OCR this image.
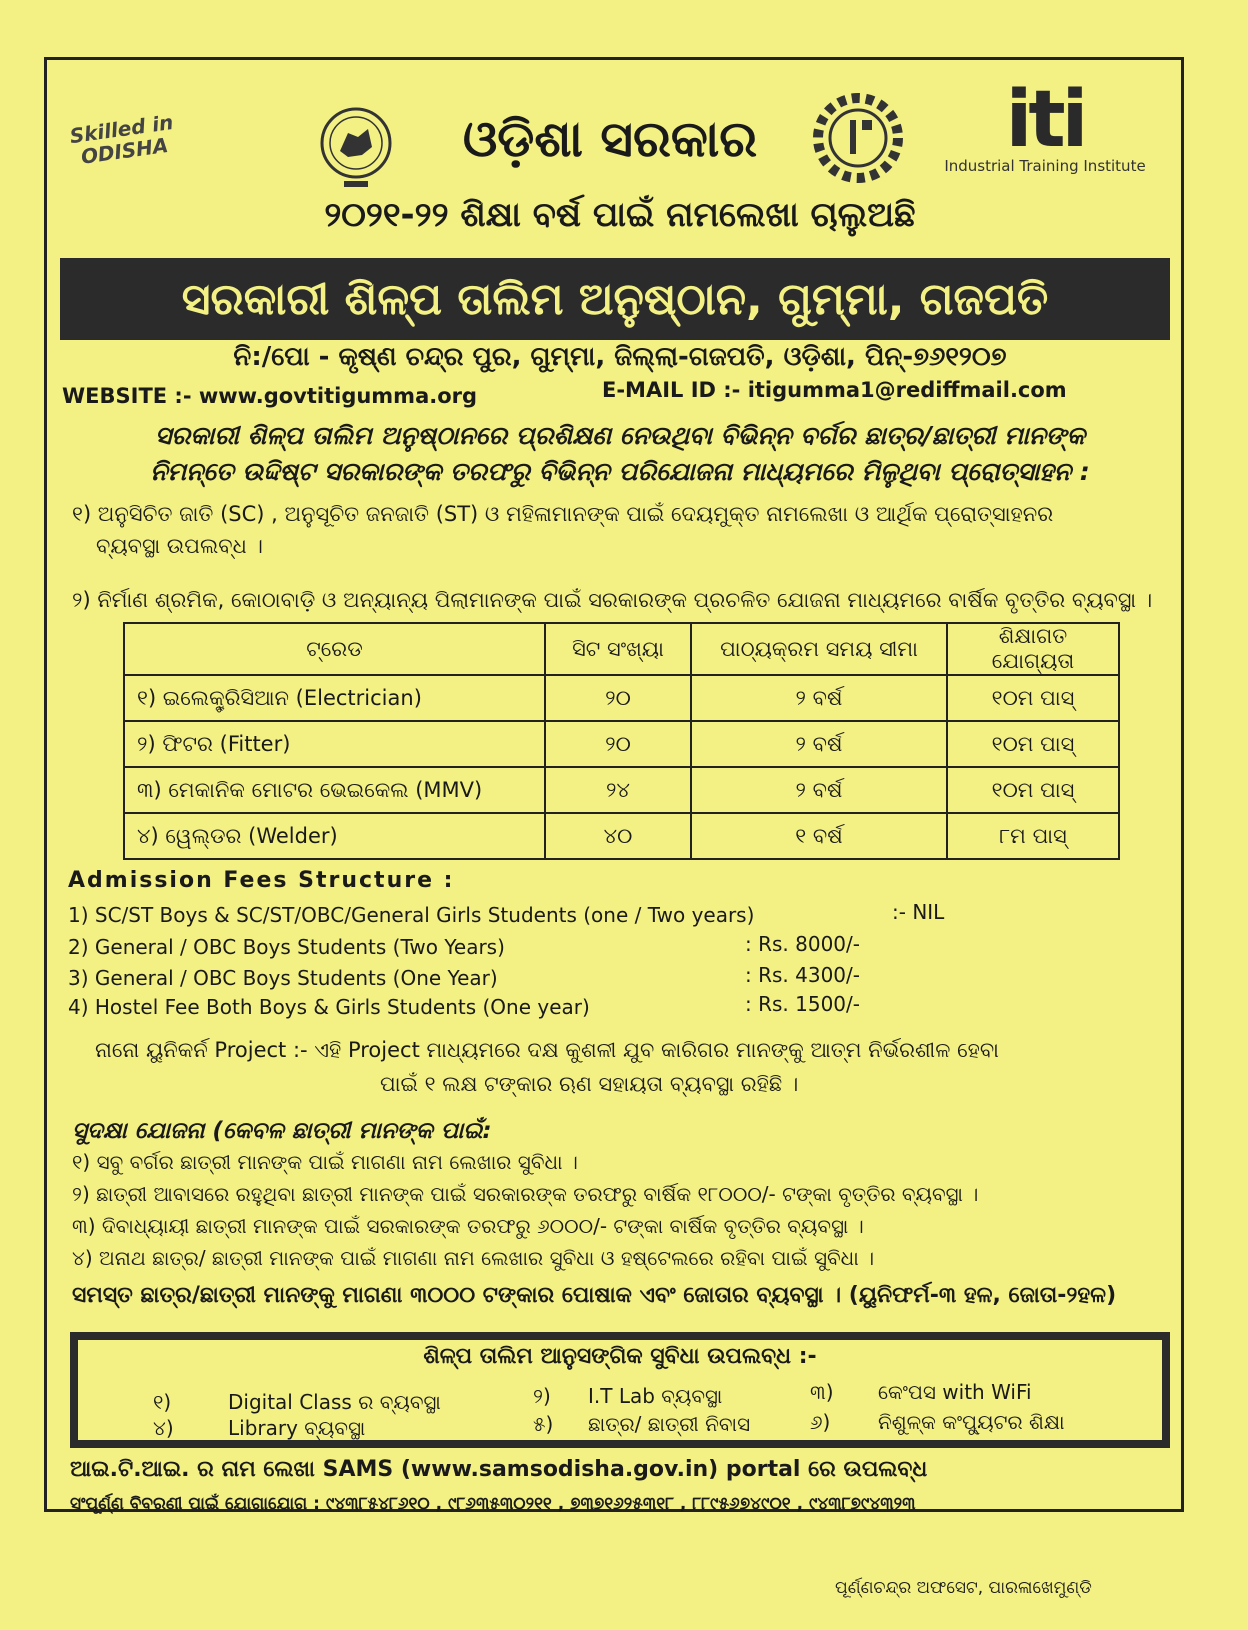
Skilled in ODISHA	ଓଡ଼ିଶା ସରକାର	iti
Industrial Training Institute
୨୦୨୧-୨୨ ଶିକ୍ଷା ବର୍ଷ ପାଇଁ ନାମଲେଖା ଚାଲୁଅଛି
ସରକାରୀ ଶିଳ୍ପ ତାଲିମ ଅନୁଷ୍ଠାନ, ଗୁମ୍ମା, ଗଜପତି
ନି:/ପୋ - କୃଷ୍ଣ ଚନ୍ଦ୍ର ପୁର, ଗୁମ୍ମା, ଜିଲ୍ଲା-ଗଜପତି, ଓଡ଼ିଶା, ପିନ୍-୭୬୧୨୦୭
WEBSITE :- www.govtitigumma.org	E-MAIL ID :- itigumma1@rediffmail.com
ସରକାରୀ ଶିଳ୍ପ ତାଲିମ ଅନୁଷ୍ଠାନରେ ପ୍ରଶିକ୍ଷଣ ନେଉଥିବା ବିଭିନ୍ନ ବର୍ଗର ଛାତ୍ର/ଛାତ୍ରୀ ମାନଙ୍କ
ନିମନ୍ତେ ଉଦ୍ଦିଷ୍ଟ ସରକାରଙ୍କ ତରଫରୁ ବିଭିନ୍ନ ପରିଯୋଜନା ମାଧ୍ୟମରେ ମିଳୁଥିବା ପ୍ରୋତ୍ସାହନ :
୧) ଅନୁସିଚିତ ଜାତି (SC) , ଅନୁସୂଚିତ ଜନଜାତି (ST) ଓ ମହିଳାମାନଙ୍କ ପାଇଁ ଦେୟମୁକ୍ତ ନାମଲେଖା ଓ ଆର୍ଥିକ ପ୍ରୋତ୍ସାହନର
ବ୍ୟବସ୍ଥା ଉପଲବ୍ଧ ।
୨) ନିର୍ମାଣ ଶ୍ରମିକ, କୋଠାବାଡ଼ି ଓ ଅନ୍ୟାନ୍ୟ ପିଲାମାନଙ୍କ ପାଇଁ ସରକାରଙ୍କ ପ୍ରଚଳିତ ଯୋଜନା ମାଧ୍ୟମରେ ବାର୍ଷିକ ବୃତ୍ତିର ବ୍ୟବସ୍ଥା ।
ଟ୍ରେଡ	ସିଟ ସଂଖ୍ୟା	ପାଠ୍ୟକ୍ରମ ସମୟ ସୀମା	ଶିକ୍ଷାଗତ ଯୋଗ୍ୟତା
୧) ଇଲେକ୍ଟ୍ରିସିଆନ (Electrician)	୨୦	୨ ବର୍ଷ	୧୦ମ ପାସ୍
୨) ଫିଟର (Fitter)	୨୦	୨ ବର୍ଷ	୧୦ମ ପାସ୍
୩) ମେକାନିକ ମୋଟର ଭେଇକେଲ (MMV)	୨୪	୨ ବର୍ଷ	୧୦ମ ପାସ୍
୪) ୱେଲ୍ଡର (Welder)	୪୦	୧ ବର୍ଷ	୮ମ ପାସ୍
Admission Fees Structure :
1) SC/ST Boys & SC/ST/OBC/General Girls Students (one / Two years)	:- NIL
2) General / OBC Boys Students (Two Years)	: Rs. 8000/-
3) General / OBC Boys Students (One Year)	: Rs. 4300/-
4) Hostel Fee Both Boys & Girls Students (One year)	: Rs. 1500/-
ନାନୋ ୟୁନିକର୍ନ Project :- ଏହି Project ମାଧ୍ୟମରେ ଦକ୍ଷ କୁଶଳୀ ଯୁବ କାରିଗର ମାନଙ୍କୁ ଆତ୍ମ ନିର୍ଭରଶୀଳ ହେବା
ପାଇଁ ୧ ଲକ୍ଷ ଟଙ୍କାର ଋଣ ସହାୟତା ବ୍ୟବସ୍ଥା ରହିଛି ।
ସୁଦକ୍ଷା ଯୋଜନା (କେବଳ ଛାତ୍ରୀ ମାନଙ୍କ ପାଇଁ:
୧) ସବୁ ବର୍ଗର ଛାତ୍ରୀ ମାନଙ୍କ ପାଇଁ ମାଗଣା ନାମ ଲେଖାର ସୁବିଧା ।
୨) ଛାତ୍ରୀ ଆବାସରେ ରହୁଥିବା ଛାତ୍ରୀ ମାନଙ୍କ ପାଇଁ ସରକାରଙ୍କ ତରଫରୁ ବାର୍ଷିକ ୧୮୦୦୦/- ଟଙ୍କା ବୃତ୍ତିର ବ୍ୟବସ୍ଥା ।
୩) ଦିବାଧ୍ୟାୟୀ ଛାତ୍ରୀ ମାନଙ୍କ ପାଇଁ ସରକାରଙ୍କ ତରଫରୁ ୬୦୦୦/- ଟଙ୍କା ବାର୍ଷିକ ବୃତ୍ତିର ବ୍ୟବସ୍ଥା ।
୪) ଅନାଥ ଛାତ୍ର/ ଛାତ୍ରୀ ମାନଙ୍କ ପାଇଁ ମାଗଣା ନାମ ଲେଖାର ସୁବିଧା ଓ ହଷ୍ଟେଲରେ ରହିବା ପାଇଁ ସୁବିଧା ।
ସମସ୍ତ ଛାତ୍ର/ଛାତ୍ରୀ ମାନଙ୍କୁ ମାଗଣା ୩୦୦୦ ଟଙ୍କାର ପୋଷାକ ଏବଂ ଜୋତାର ବ୍ୟବସ୍ଥା । (ୟୁନିଫର୍ମ-୩ ହଳ, ଜୋତା-୨ହଳ)
ଶିଳ୍ପ ତାଲିମ ଆନୁସଙ୍ଗିକ ସୁବିଧା ଉପଲବ୍ଧ :-
୧)	Digital Class ର ବ୍ୟବସ୍ଥା	୨) I.T Lab ବ୍ୟବସ୍ଥା	୩) କେଂପସ with WiFi
୪)	Library ବ୍ୟବସ୍ଥା	୫) ଛାତ୍ର/ ଛାତ୍ରୀ ନିବାସ	୬) ନିଶୁଳ୍କ କଂପ୍ୟୁଟର ଶିକ୍ଷା
ଆଇ.ଟି.ଆଇ. ର ନାମ ଲେଖା SAMS (www.samsodisha.gov.in) portal ରେ ଉପଲବ୍ଧ
ସଂପୂର୍ଣ୍ଣ ବିବରଣୀ ପାଇଁ ଯୋଗାଯୋଗ : ୯୪୩୮୫୪୮୬୧୦ , ୯୮୬୩୫୩୦୨୧୧ , ୭୩୭୧୬୨୫୩୧୮ , ୮୮୯୫୬୭୪୯୦୧ , ୯୪୩୮୭୯୪୩୨୩
ପୂର୍ଣ୍ଣଚନ୍ଦ୍ର ଅଫସେଟ, ପାରଳାଖେମୁଣ୍ଡି
